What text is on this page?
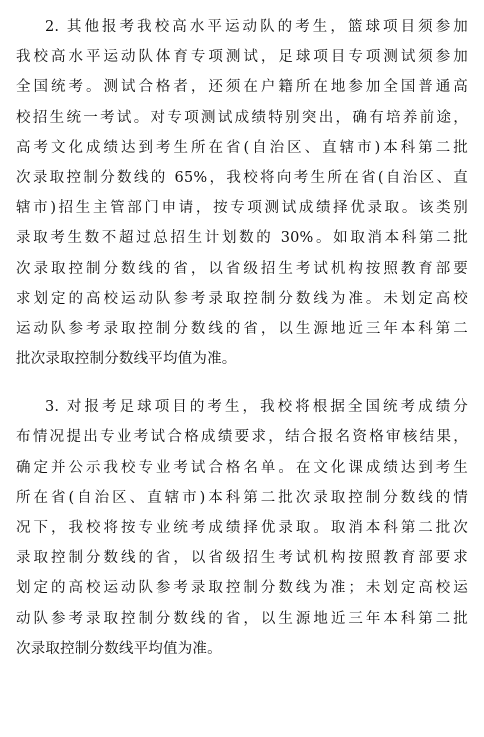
2. 其他报考我校高水平运动队的考生，篮球项目须参加
我校高水平运动队体育专项测试，足球项目专项测试须参加
全国统考。测试合格者，还须在户籍所在地参加全国普通高
校招生统一考试。对专项测试成绩特别突出，确有培养前途，
高考文化成绩达到考生所在省(自治区、直辖市)本科第二批
次录取控制分数线的 65%，我校将向考生所在省(自治区、直
辖市)招生主管部门申请，按专项测试成绩择优录取。该类别
录取考生数不超过总招生计划数的 30%。如取消本科第二批
次录取控制分数线的省，以省级招生考试机构按照教育部要
求划定的高校运动队参考录取控制分数线为准。未划定高校
运动队参考录取控制分数线的省，以生源地近三年本科第二
批次录取控制分数线平均值为准。
3. 对报考足球项目的考生，我校将根据全国统考成绩分
布情况提出专业考试合格成绩要求，结合报名资格审核结果，
确定并公示我校专业考试合格名单。在文化课成绩达到考生
所在省(自治区、直辖市)本科第二批次录取控制分数线的情
况下，我校将按专业统考成绩择优录取。取消本科第二批次
录取控制分数线的省，以省级招生考试机构按照教育部要求
划定的高校运动队参考录取控制分数线为准；未划定高校运
动队参考录取控制分数线的省，以生源地近三年本科第二批
次录取控制分数线平均值为准。
